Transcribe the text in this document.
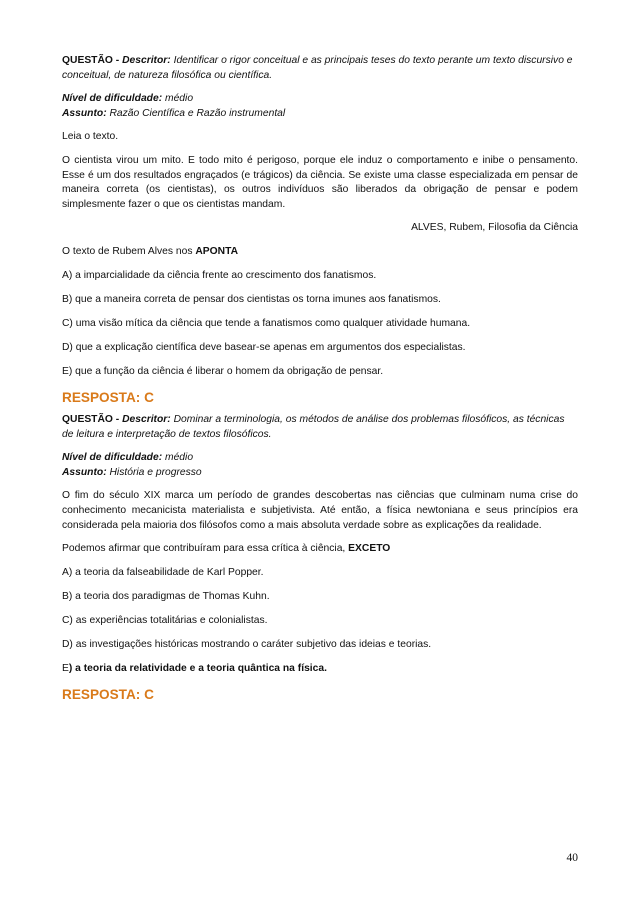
QUESTÃO - Descritor: Identificar o rigor conceitual e as principais teses do texto perante um texto discursivo e conceitual, de natureza filosófica ou científica.
Nível de dificuldade: médio
Assunto: Razão Científica e Razão instrumental
Leia o texto.
O cientista virou um mito. E todo mito é perigoso, porque ele induz o comportamento e inibe o pensamento. Esse é um dos resultados engraçados (e trágicos) da ciência. Se existe uma classe especializada em pensar de maneira correta (os cientistas), os outros indivíduos são liberados da obrigação de pensar e podem simplesmente fazer o que os cientistas mandam.
ALVES, Rubem, Filosofia da Ciência
O texto de Rubem Alves nos APONTA
A) a imparcialidade da ciência frente ao crescimento dos fanatismos.
B) que a maneira correta de pensar dos cientistas os torna imunes aos fanatismos.
C) uma visão mítica da ciência que tende a fanatismos como qualquer atividade humana.
D) que a explicação científica deve basear-se apenas em argumentos dos especialistas.
E) que a função da ciência é liberar o homem da obrigação de pensar.
RESPOSTA: C
QUESTÃO - Descritor: Dominar a terminologia, os métodos de análise dos problemas filosóficos, as técnicas de leitura e interpretação de textos filosóficos.
Nível de dificuldade: médio
Assunto: História e progresso
O fim do século XIX marca um período de grandes descobertas nas ciências que culminam numa crise do conhecimento mecanicista materialista e subjetivista. Até então, a física newtoniana e seus princípios era considerada pela maioria dos filósofos como a mais absoluta verdade sobre as explicações da realidade.
Podemos afirmar que contribuíram para essa crítica à ciência, EXCETO
A) a teoria da falseabilidade de Karl Popper.
B) a teoria dos paradigmas de Thomas Kuhn.
C) as experiências totalitárias e colonialistas.
D) as investigações históricas mostrando o caráter subjetivo das ideias e teorias.
E) a teoria da relatividade e a teoria quântica na física.
RESPOSTA: C
40
